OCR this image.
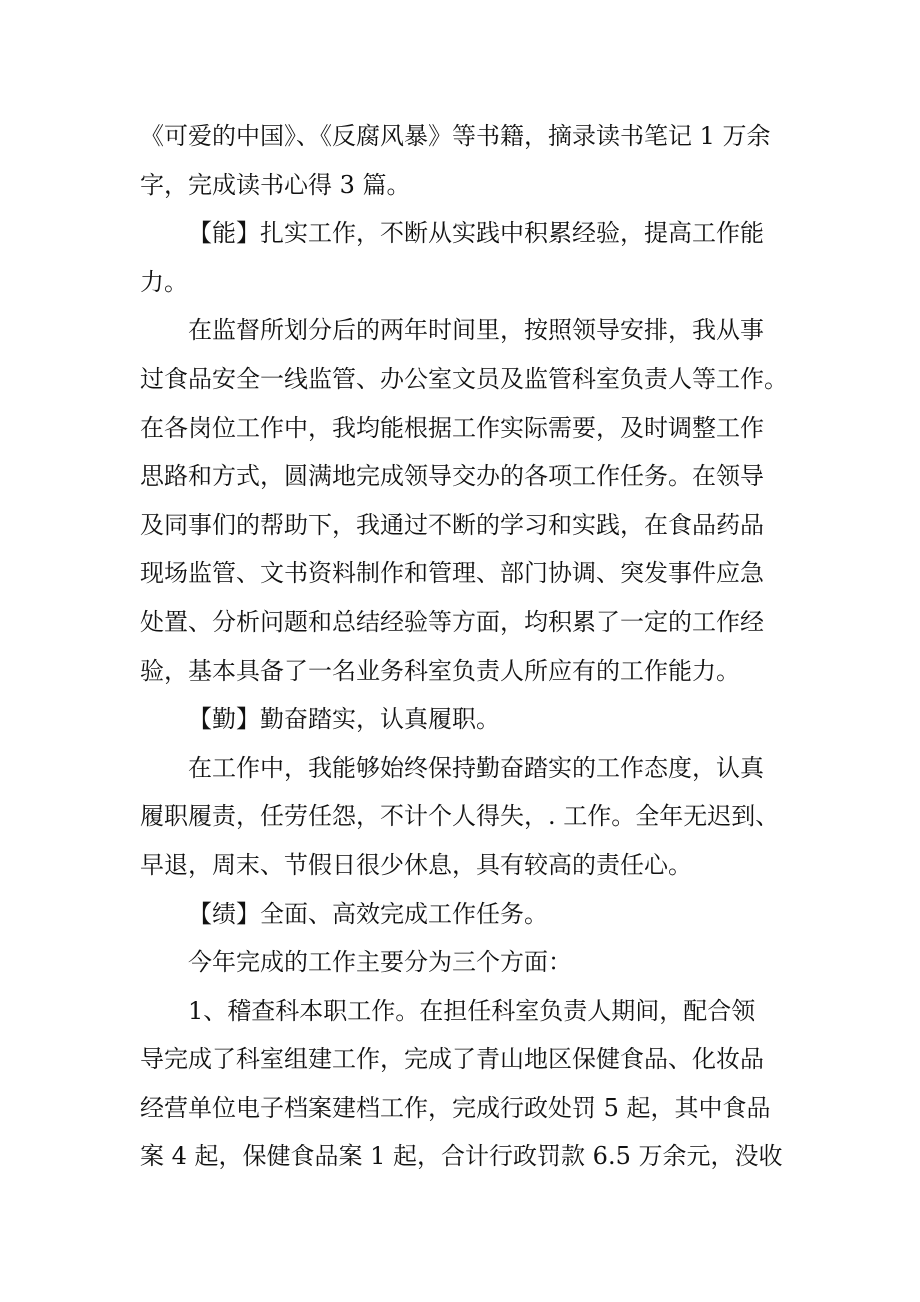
《可爱的中国》、《反腐风暴》等书籍，摘录读书笔记 1 万余
字，完成读书心得 3 篇。
【能】扎实工作，不断从实践中积累经验，提高工作能
力。
在监督所划分后的两年时间里，按照领导安排，我从事
过食品安全一线监管、办公室文员及监管科室负责人等工作。
在各岗位工作中，我均能根据工作实际需要，及时调整工作
思路和方式，圆满地完成领导交办的各项工作任务。在领导
及同事们的帮助下，我通过不断的学习和实践，在食品药品
现场监管、文书资料制作和管理、部门协调、突发事件应急
处置、分析问题和总结经验等方面，均积累了一定的工作经
验，基本具备了一名业务科室负责人所应有的工作能力。
【勤】勤奋踏实，认真履职。
在工作中，我能够始终保持勤奋踏实的工作态度，认真
履职履责，任劳任怨，不计个人得失，. 工作。全年无迟到、
早退，周末、节假日很少休息，具有较高的责任心。
【绩】全面、高效完成工作任务。
今年完成的工作主要分为三个方面：
1、稽查科本职工作。在担任科室负责人期间，配合领
导完成了科室组建工作，完成了青山地区保健食品、化妆品
经营单位电子档案建档工作，完成行政处罚 5 起，其中食品
案 4 起，保健食品案 1 起，合计行政罚款 6.5 万余元，没收
